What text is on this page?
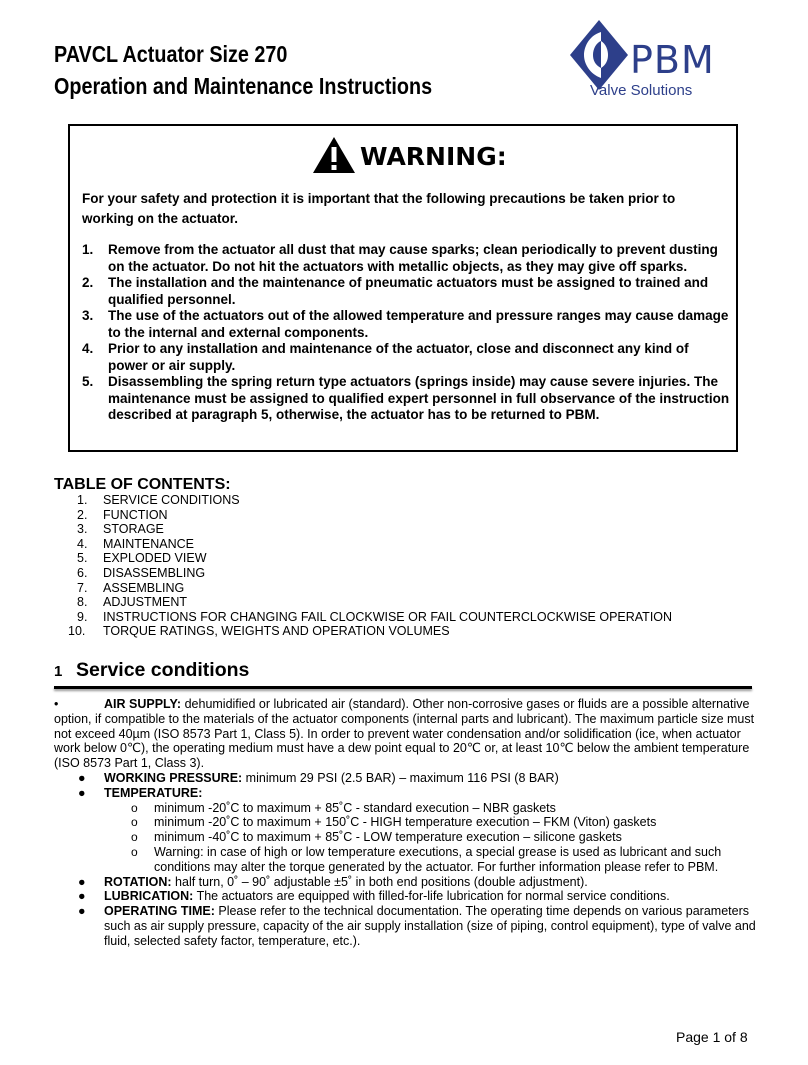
PAVCL Actuator Size 270
Operation and Maintenance Instructions
PBM
Valve Solutions
WARNING:

For your safety and protection it is important that the following precautions be taken prior to working on the actuator.

1. Remove from the actuator all dust that may cause sparks; clean periodically to prevent dusting on the actuator. Do not hit the actuators with metallic objects, as they may give off sparks.
2. The installation and the maintenance of pneumatic actuators must be assigned to trained and qualified personnel.
3. The use of the actuators out of the allowed temperature and pressure ranges may cause damage to the internal and external components.
4. Prior to any installation and maintenance of the actuator, close and disconnect any kind of power or air supply.
5. Disassembling the spring return type actuators (springs inside) may cause severe injuries. The maintenance must be assigned to qualified expert personnel in full observance of the instruction described at paragraph 5, otherwise, the actuator has to be returned to PBM.
TABLE OF CONTENTS:
1. SERVICE CONDITIONS
2. FUNCTION
3. STORAGE
4. MAINTENANCE
5. EXPLODED VIEW
6. DISASSEMBLING
7. ASSEMBLING
8. ADJUSTMENT
9. INSTRUCTIONS FOR CHANGING FAIL CLOCKWISE OR FAIL COUNTERCLOCKWISE OPERATION
10. TORQUE RATINGS, WEIGHTS AND OPERATION VOLUMES
1 Service conditions

•	AIR SUPPLY: dehumidified or lubricated air (standard). Other non-corrosive gases or fluids are a possible alternative option, if compatible to the materials of the actuator components (internal parts and lubricant). The maximum particle size must not exceed 40µm (ISO 8573 Part 1, Class 5). In order to prevent water condensation and/or solidification (ice, when actuator work below 0℃), the operating medium must have a dew point equal to 20℃ or, at least 10℃ below the ambient temperature (ISO 8573 Part 1, Class 3).

● WORKING PRESSURE: minimum 29 PSI (2.5 BAR) – maximum 116 PSI (8 BAR)
● TEMPERATURE:
o minimum -20˚C to maximum + 85˚C - standard execution – NBR gaskets
o minimum -20˚C to maximum + 150˚C - HIGH temperature execution – FKM (Viton) gaskets
o minimum -40˚C to maximum + 85˚C - LOW temperature execution – silicone gaskets
o Warning: in case of high or low temperature executions, a special grease is used as lubricant and such conditions may alter the torque generated by the actuator. For further information please refer to PBM.
● ROTATION: half turn, 0˚ – 90˚ adjustable ±5˚ in both end positions (double adjustment).
● LUBRICATION: The actuators are equipped with filled-for-life lubrication for normal service conditions.
● OPERATING TIME: Please refer to the technical documentation. The operating time depends on various parameters such as air supply pressure, capacity of the air supply installation (size of piping, control equipment), type of valve and fluid, selected safety factor, temperature, etc.).

Page 1 of 8
